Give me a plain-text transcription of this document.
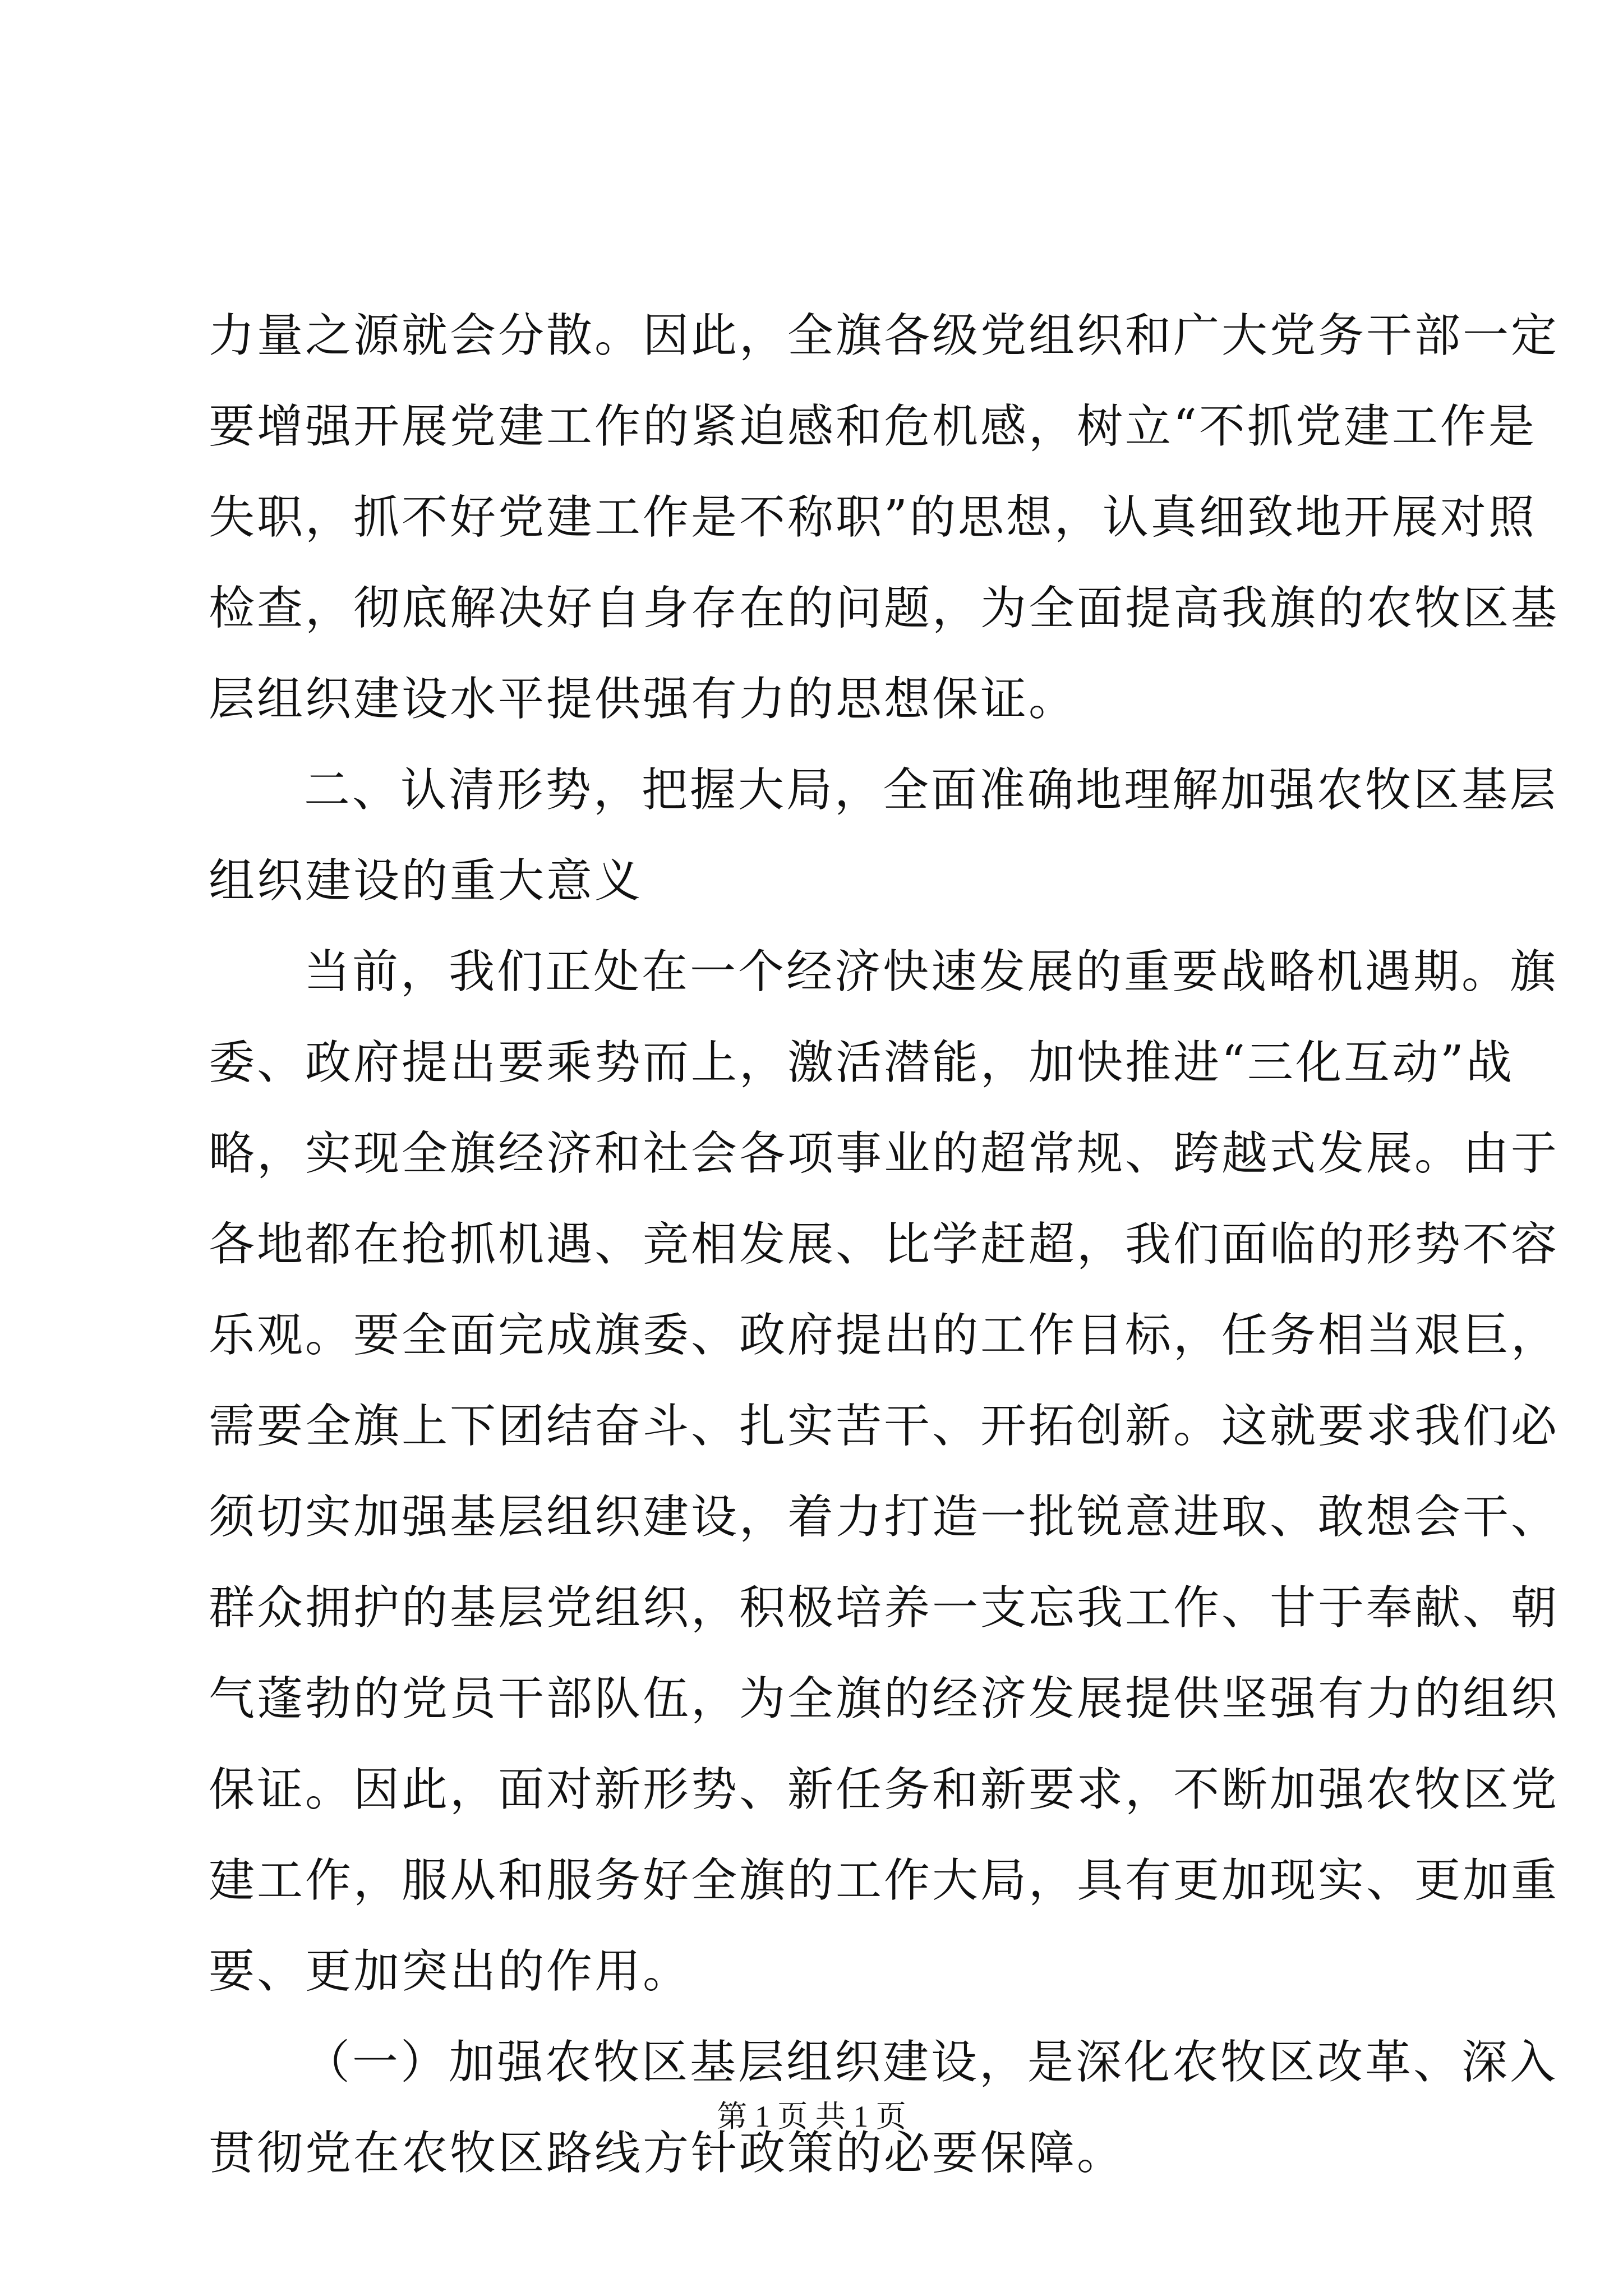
力量之源就会分散。因此，全旗各级党组织和广大党务干部一定
要增强开展党建工作的紧迫感和危机感，树立“不抓党建工作是
失职，抓不好党建工作是不称职”的思想，认真细致地开展对照
检查，彻底解决好自身存在的问题，为全面提高我旗的农牧区基
层组织建设水平提供强有力的思想保证。
二、认清形势，把握大局，全面准确地理解加强农牧区基层
组织建设的重大意义
当前，我们正处在一个经济快速发展的重要战略机遇期。旗
委、政府提出要乘势而上，激活潜能，加快推进“三化互动”战
略，实现全旗经济和社会各项事业的超常规、跨越式发展。由于
各地都在抢抓机遇、竞相发展、比学赶超，我们面临的形势不容
乐观。要全面完成旗委、政府提出的工作目标，任务相当艰巨，
需要全旗上下团结奋斗、扎实苦干、开拓创新。这就要求我们必
须切实加强基层组织建设，着力打造一批锐意进取、敢想会干、
群众拥护的基层党组织，积极培养一支忘我工作、甘于奉献、朝
气蓬勃的党员干部队伍，为全旗的经济发展提供坚强有力的组织
保证。因此，面对新形势、新任务和新要求，不断加强农牧区党
建工作，服从和服务好全旗的工作大局，具有更加现实、更加重
要、更加突出的作用。
（一）加强农牧区基层组织建设，是深化农牧区改革、深入
贯彻党在农牧区路线方针政策的必要保障。
第 1 页 共 1 页
